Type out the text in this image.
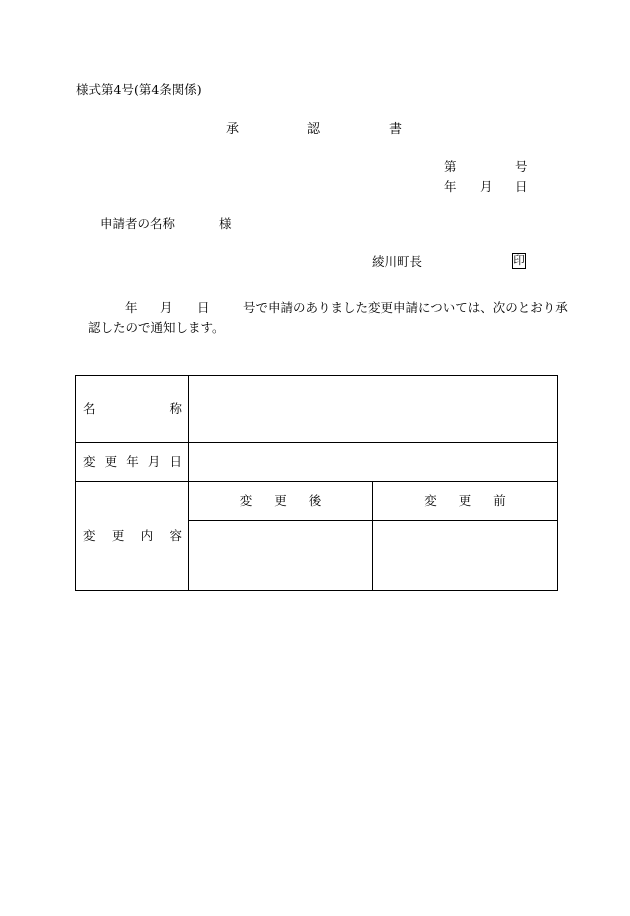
様式第4号(第4条関係)
承	認	書
第	号
年 月 日
申請者の名称	様
綾川町長	印
年 月 日	号で申請のありました変更申請については、次のとおり承
認したので通知します。
名 称		

変 更 年 月 日		

変 更 内 容	変 更 後	変 更 前
